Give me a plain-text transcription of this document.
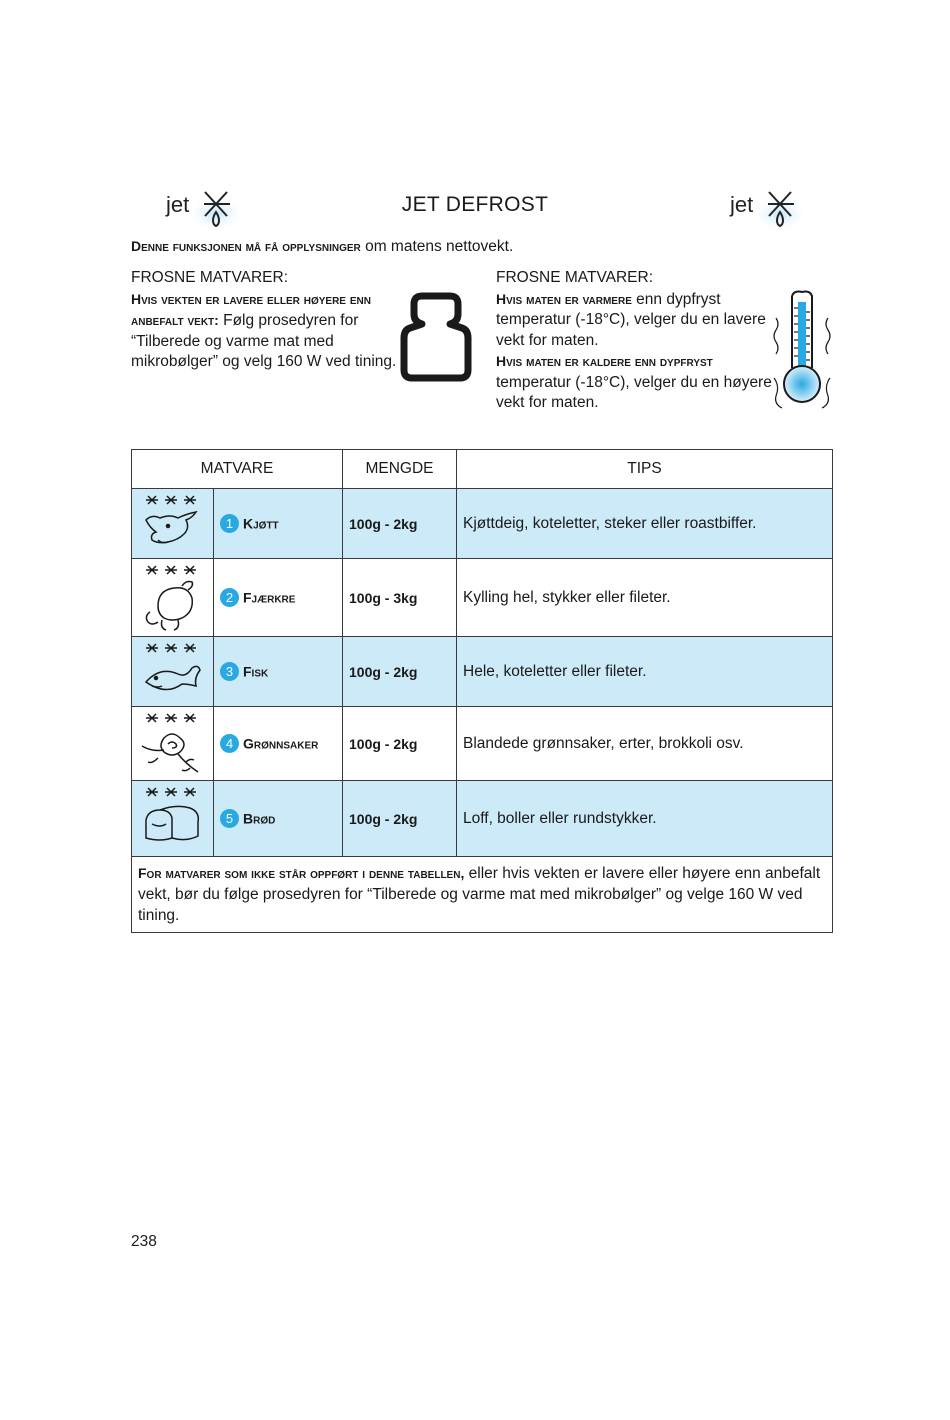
jet	jet
JET DEFROST
Denne funksjonen må få opplysninger om matens nettovekt.

FROSNE MATVARER:

Hvis vekten er lavere eller høyere enn anbefalt vekt: Følg prosedyren for “Tilberede og varme mat med mikrobølger” og velg 160 W ved tining.

FROSNE MATVARER:

Hvis maten er varmere enn dypfryst temperatur (-18°C), velger du en lavere vekt for maten.

Hvis maten er kaldere enn dypfryst temperatur (-18°C), velger du en høyere vekt for maten.

MATVARE		MENGDE	TIPS

	1 Kjøtt	100g - 2kg	Kjøttdeig, koteletter, steker eller roastbiffer.

	2 Fjærkre	100g - 3kg	Kylling hel, stykker eller fileter.

	3 Fisk	100g - 2kg	Hele, koteletter eller fileter.

	4 Grønnsaker	100g - 2kg	Blandede grønnsaker, erter, brokkoli osv.

	5 Brød	100g - 2kg	Loff, boller eller rundstykker.
For matvarer som ikke står oppført i denne tabellen, eller hvis vekten er lavere eller høyere enn anbefalt vekt, bør du følge prosedyren for “Tilberede og varme mat med mikrobølger” og velge 160 W ved tining.			
238
